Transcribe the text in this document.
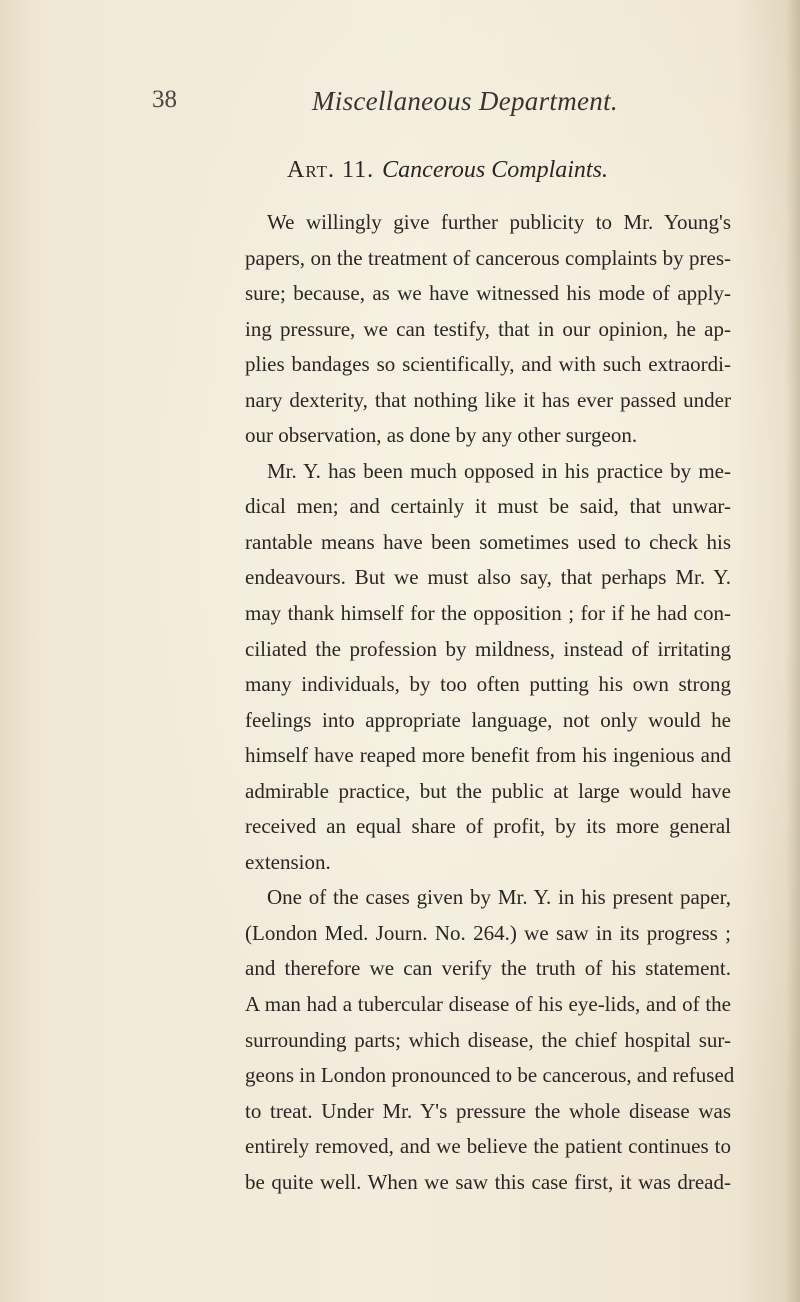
38	Miscellaneous Department.
Art. 11. Cancerous Complaints.
We willingly give further publicity to Mr. Young's
papers, on the treatment of cancerous complaints by pres-
sure; because, as we have witnessed his mode of apply-
ing pressure, we can testify, that in our opinion, he ap-
plies bandages so scientifically, and with such extraordi-
nary dexterity, that nothing like it has ever passed under
our observation, as done by any other surgeon.
Mr. Y. has been much opposed in his practice by me-
dical men; and certainly it must be said, that unwar-
rantable means have been sometimes used to check his
endeavours. But we must also say, that perhaps Mr. Y.
may thank himself for the opposition ; for if he had con-
ciliated the profession by mildness, instead of irritating
many individuals, by too often putting his own strong
feelings into appropriate language, not only would he
himself have reaped more benefit from his ingenious and
admirable practice, but the public at large would have
received an equal share of profit, by its more general
extension.
One of the cases given by Mr. Y. in his present paper,
(London Med. Journ. No. 264.) we saw in its progress ;
and therefore we can verify the truth of his statement.
A man had a tubercular disease of his eye-lids, and of the
surrounding parts; which disease, the chief hospital sur-
geons in London pronounced to be cancerous, and refused
to treat. Under Mr. Y's pressure the whole disease was
entirely removed, and we believe the patient continues to
be quite well. When we saw this case first, it was dread-
